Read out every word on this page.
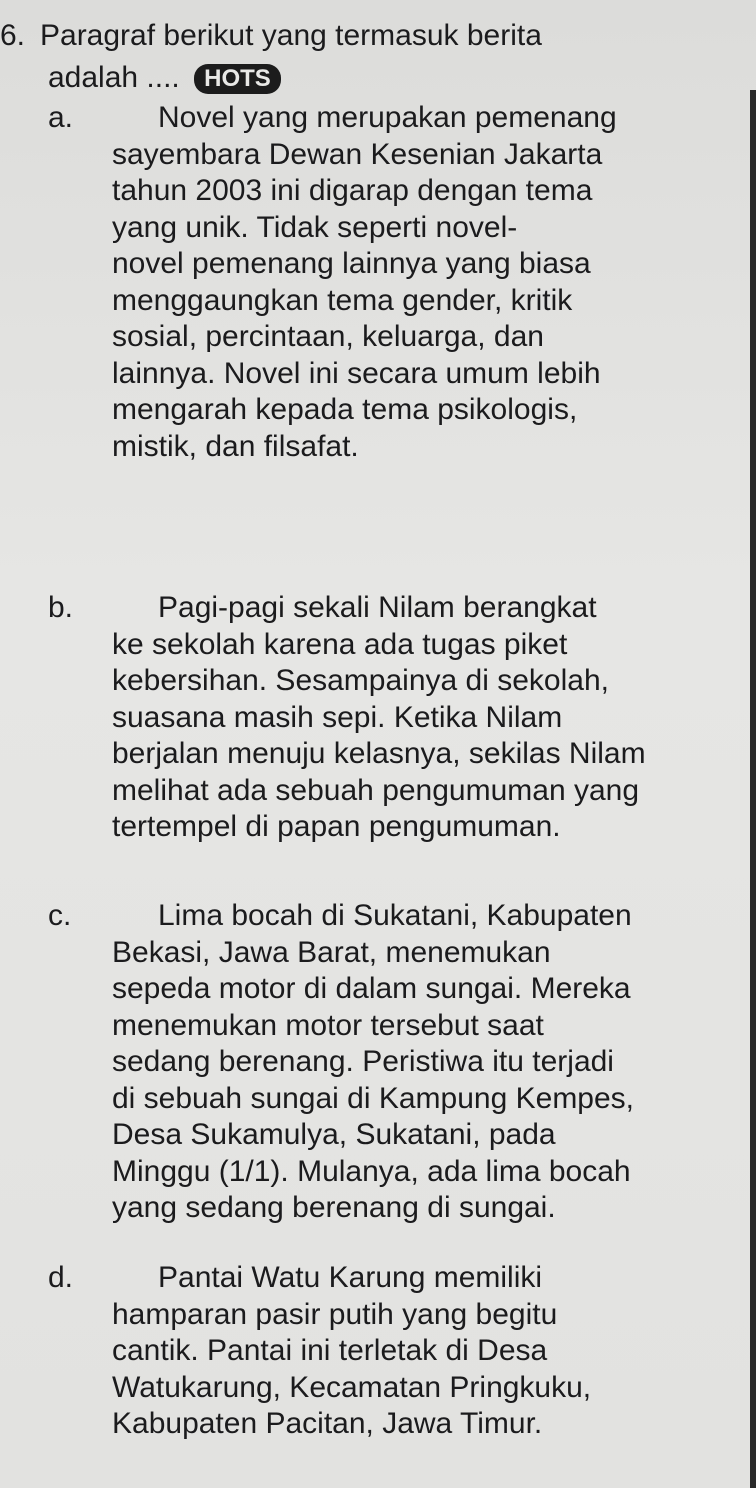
6. Paragraf berikut yang termasuk berita
adalah .... HOTS
a.	Novel yang merupakan pemenang
sayembara Dewan Kesenian Jakarta
tahun 2003 ini digarap dengan tema
yang unik. Tidak seperti novel-
novel pemenang lainnya yang biasa
menggaungkan tema gender, kritik
sosial, percintaan, keluarga, dan
lainnya. Novel ini secara umum lebih
mengarah kepada tema psikologis,
mistik, dan filsafat.
b.	Pagi-pagi sekali Nilam berangkat
ke sekolah karena ada tugas piket
kebersihan. Sesampainya di sekolah,
suasana masih sepi. Ketika Nilam
berjalan menuju kelasnya, sekilas Nilam
melihat ada sebuah pengumuman yang
tertempel di papan pengumuman.
c.	Lima bocah di Sukatani, Kabupaten
Bekasi, Jawa Barat, menemukan
sepeda motor di dalam sungai. Mereka
menemukan motor tersebut saat
sedang berenang. Peristiwa itu terjadi
di sebuah sungai di Kampung Kempes,
Desa Sukamulya, Sukatani, pada
Minggu (1/1). Mulanya, ada lima bocah
yang sedang berenang di sungai.
d.	Pantai Watu Karung memiliki
hamparan pasir putih yang begitu
cantik. Pantai ini terletak di Desa
Watukarung, Kecamatan Pringkuku,
Kabupaten Pacitan, Jawa Timur.
